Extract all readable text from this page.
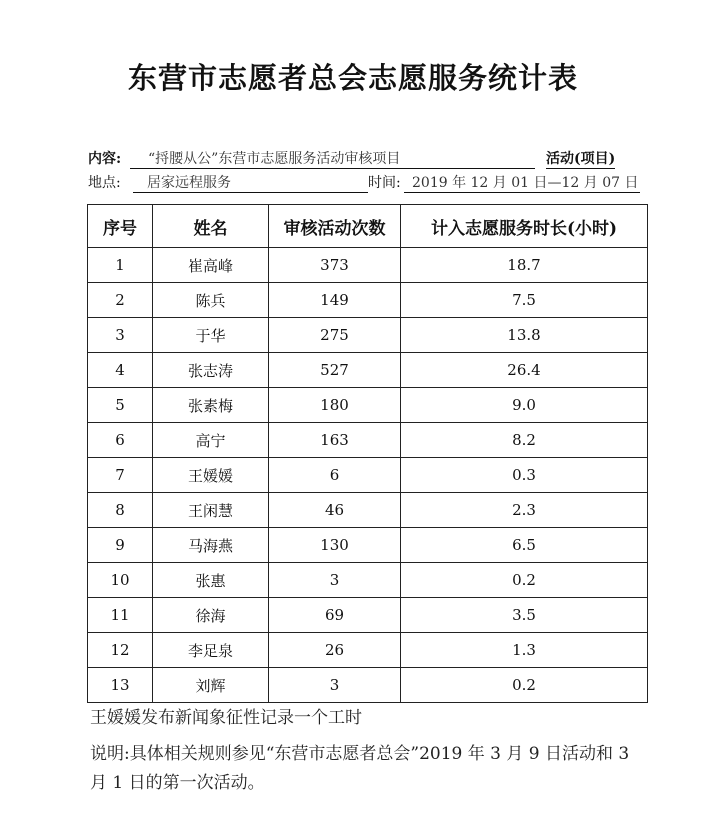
东营市志愿者总会志愿服务统计表
内容:	“捋腰从公”东营市志愿服务活动审核项目	活动(项目)
地点:	居家远程服务	时间: 2019 年 12 月 01 日—12 月 07 日
序号	姓名	审核活动次数	计入志愿服务时长(小时)
1	崔高峰	373	18.7
2	陈兵	149	7.5
3	于华	275	13.8
4	张志涛	527	26.4
5	张素梅	180	9.0
6	高宁	163	8.2
7	王媛媛	6	0.3
8	王闲慧	46	2.3
9	马海燕	130	6.5
10	张惠	3	0.2
11	徐海	69	3.5
12	李足泉	26	1.3
13	刘辉	3	0.2
王媛媛发布新闻象征性记录一个工时
说明:具体相关规则参见“东营市志愿者总会”2019 年 3 月 9 日活动和 3 月 1 日的第一次活动。
